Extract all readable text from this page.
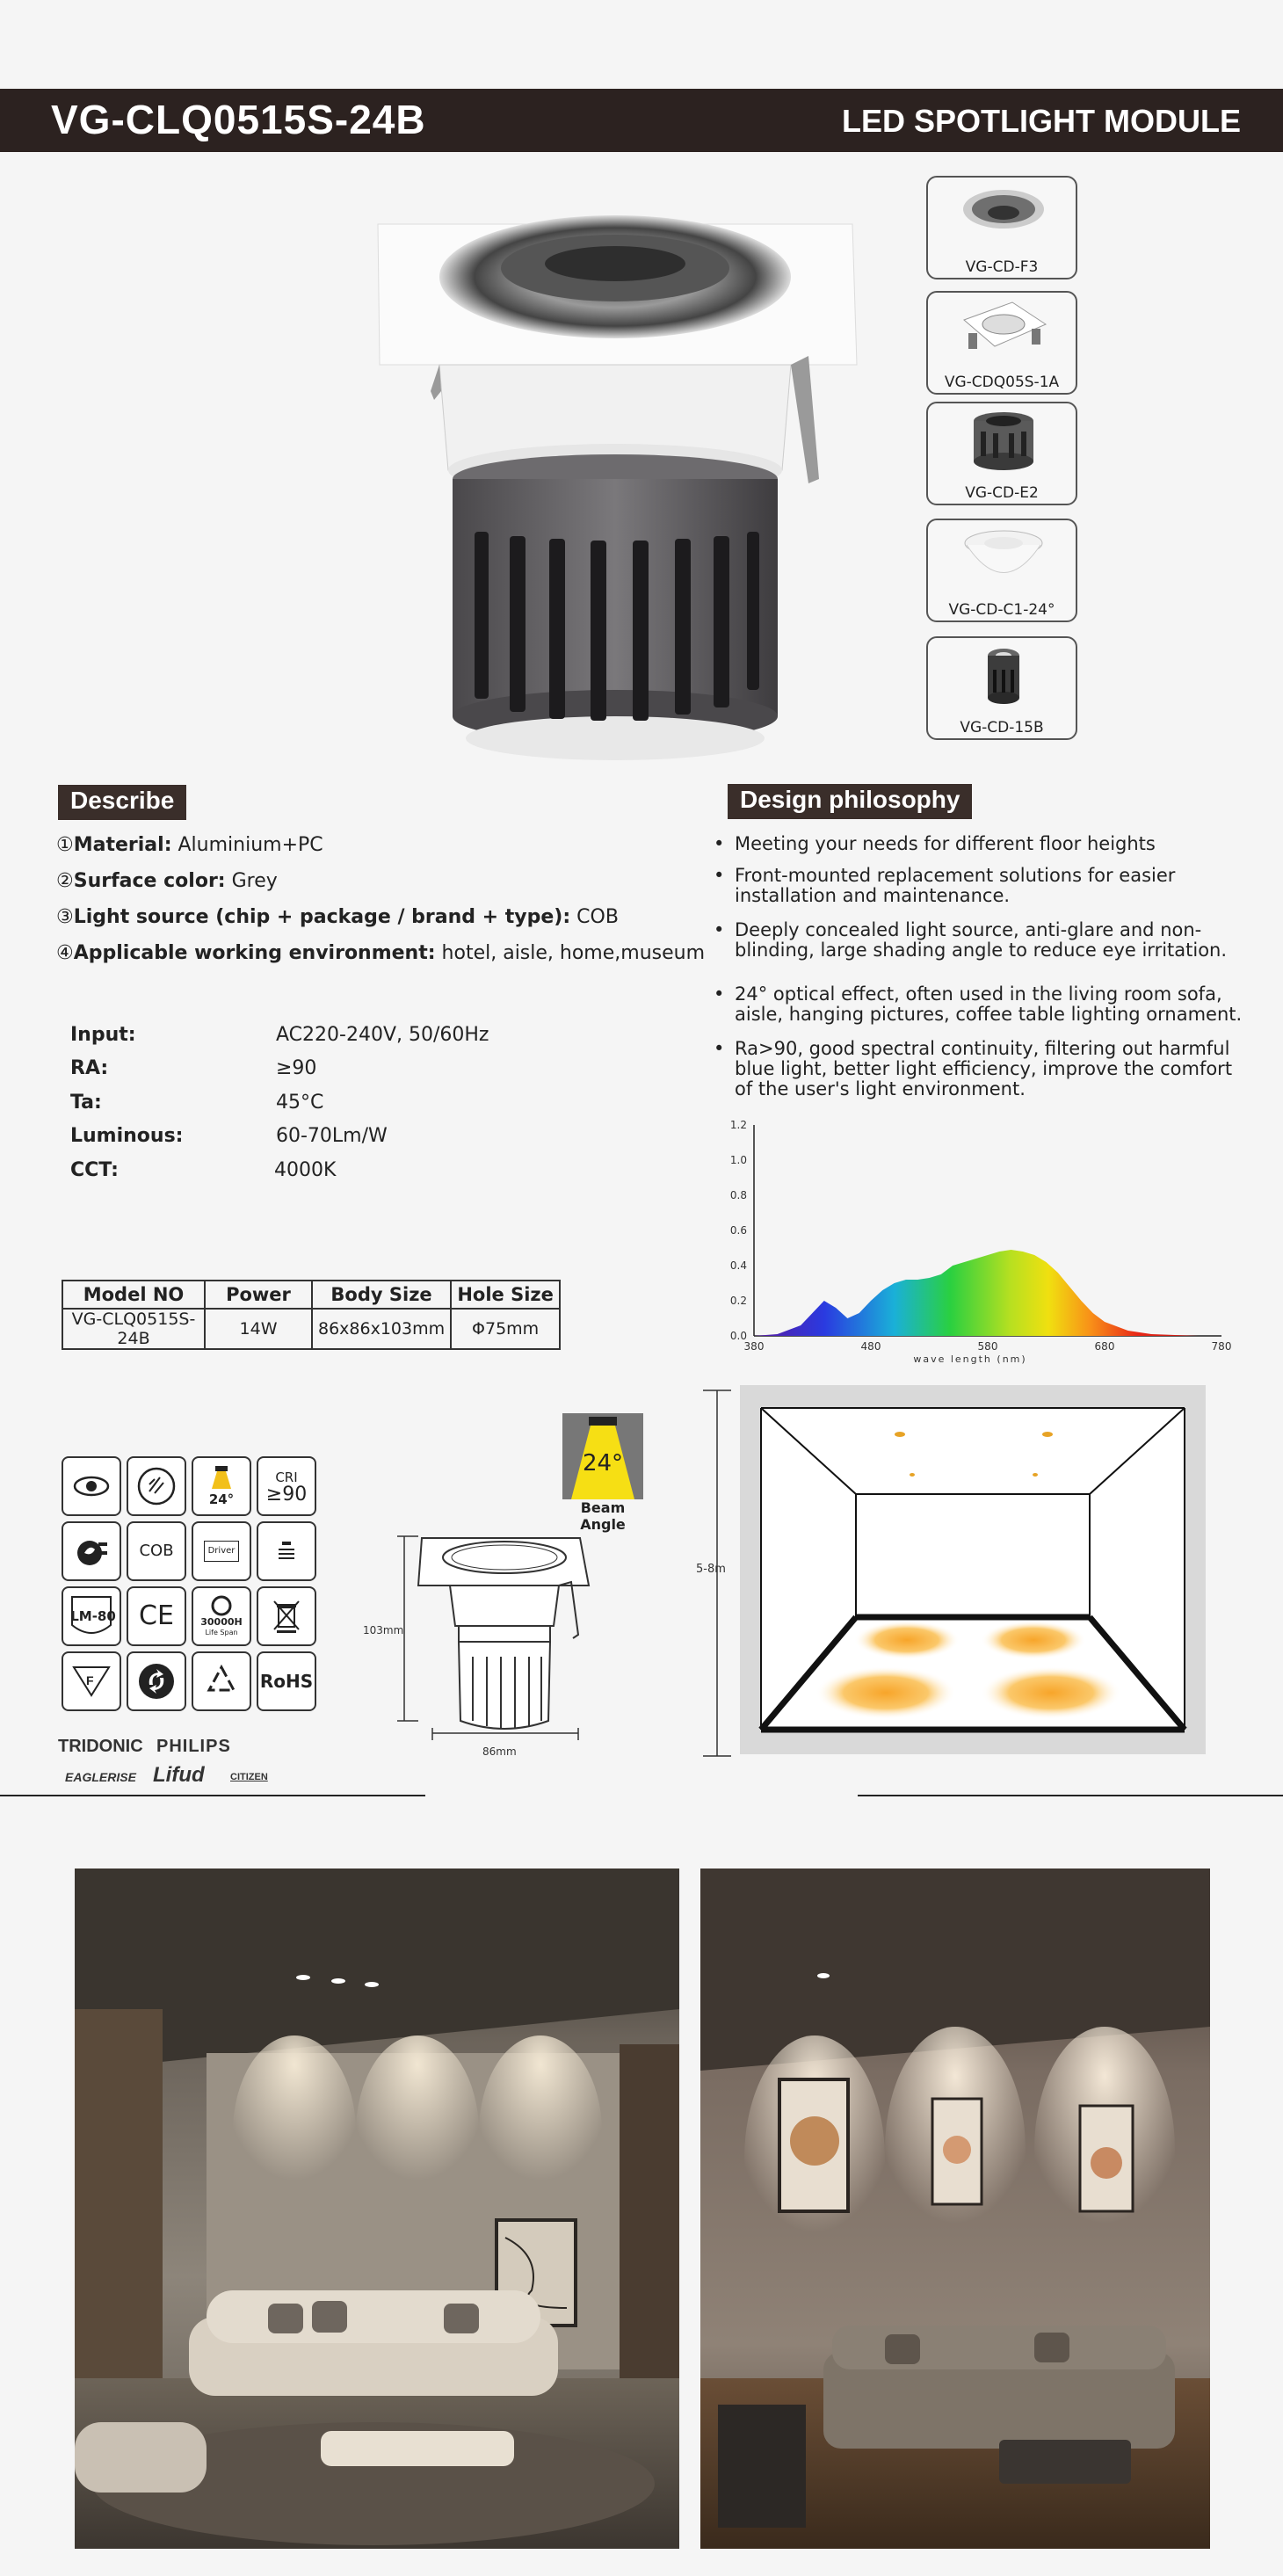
VG-CLQ0515S-24B	LED SPOTLIGHT MODULE
VG-CD-F3
VG-CDQ05S-1A
VG-CD-E2
VG-CD-C1-24°
VG-CD-15B
Describe
①Material: Aluminium+PC
②Surface color: Grey
③Light source (chip + package / brand + type): COB
④Applicable working environment: hotel, aisle, home,museum
Input:	AC220-240V, 50/60Hz
RA:	≥90
Ta:	45°C
Luminous:	60-70Lm/W
CCT:	4000K
Model NO	Power	Body Size	Hole Size
VG-CLQ0515S-24B	14W	86x86x103mm	Φ75mm
Design philosophy
• Meeting your needs for different floor heights
• Front-mounted replacement solutions for easier installation and maintenance.
• Deeply concealed light source, anti-glare and non-blinding, large shading angle to reduce eye irritation.
• 24° optical effect, often used in the living room sofa, aisle, hanging pictures, coffee table lighting ornament.
• Ra>90, good spectral continuity, filtering out harmful blue light, better light efficiency, improve the comfort of the user's light environment.
0.0
0.2
0.4
0.6
0.8
1.0
1.2
380	480	580	680	780
wave length (nm)
24°
CRI
≥90
COB	Driver
LM-80 CE	30000H
Life Span
F	RoHS
TRIDONIC PHILIPS
EAGLERISE Lifud	CITIZEN
24°
Beam Angle
103mm
86mm
5-8m
